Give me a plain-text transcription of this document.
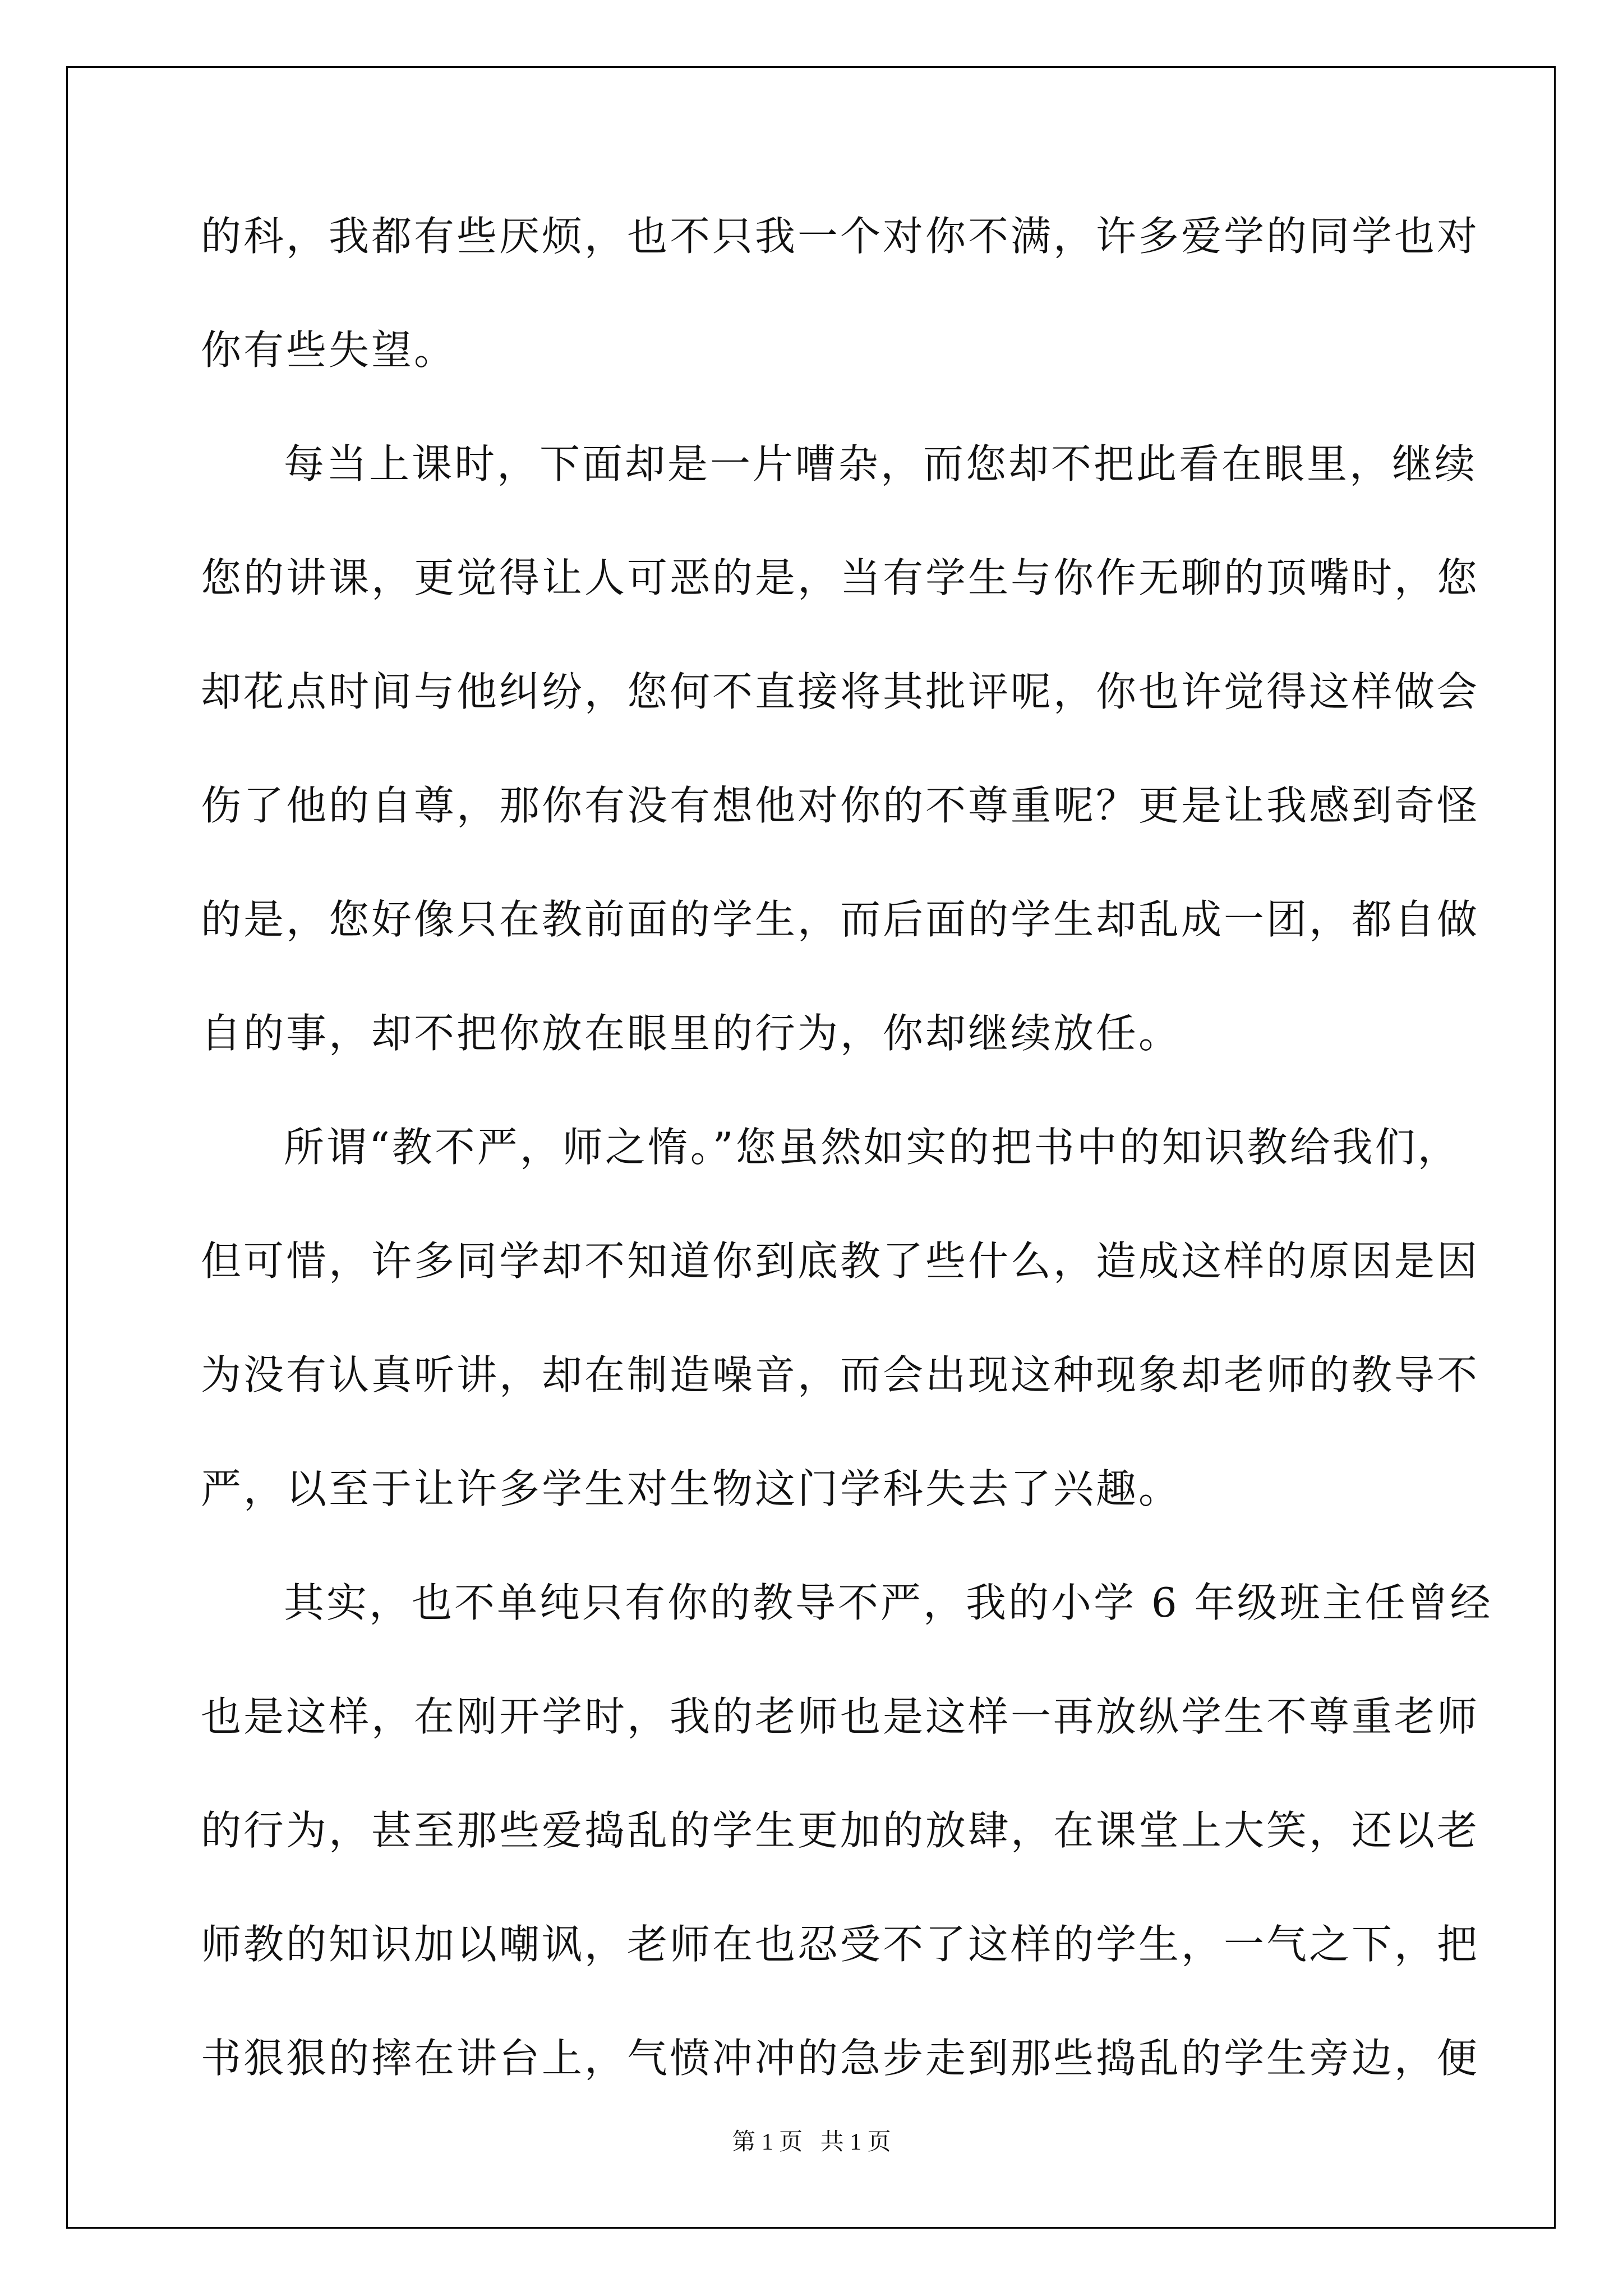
的科，我都有些厌烦，也不只我一个对你不满，许多爱学的同学也对
你有些失望。
每当上课时，下面却是一片嘈杂，而您却不把此看在眼里，继续
您的讲课，更觉得让人可恶的是，当有学生与你作无聊的顶嘴时，您
却花点时间与他纠纷，您何不直接将其批评呢，你也许觉得这样做会
伤了他的自尊，那你有没有想他对你的不尊重呢？更是让我感到奇怪
的是，您好像只在教前面的学生，而后面的学生却乱成一团，都自做
自的事，却不把你放在眼里的行为，你却继续放任。
所谓“教不严，师之惰。”您虽然如实的把书中的知识教给我们，
但可惜，许多同学却不知道你到底教了些什么，造成这样的原因是因
为没有认真听讲，却在制造噪音，而会出现这种现象却老师的教导不
严，以至于让许多学生对生物这门学科失去了兴趣。
其实，也不单纯只有你的教导不严，我的小学 6 年级班主任曾经
也是这样，在刚开学时，我的老师也是这样一再放纵学生不尊重老师
的行为，甚至那些爱捣乱的学生更加的放肆，在课堂上大笑，还以老
师教的知识加以嘲讽，老师在也忍受不了这样的学生，一气之下，把
书狠狠的摔在讲台上，气愤冲冲的急步走到那些捣乱的学生旁边，便
第 1 页   共 1 页
